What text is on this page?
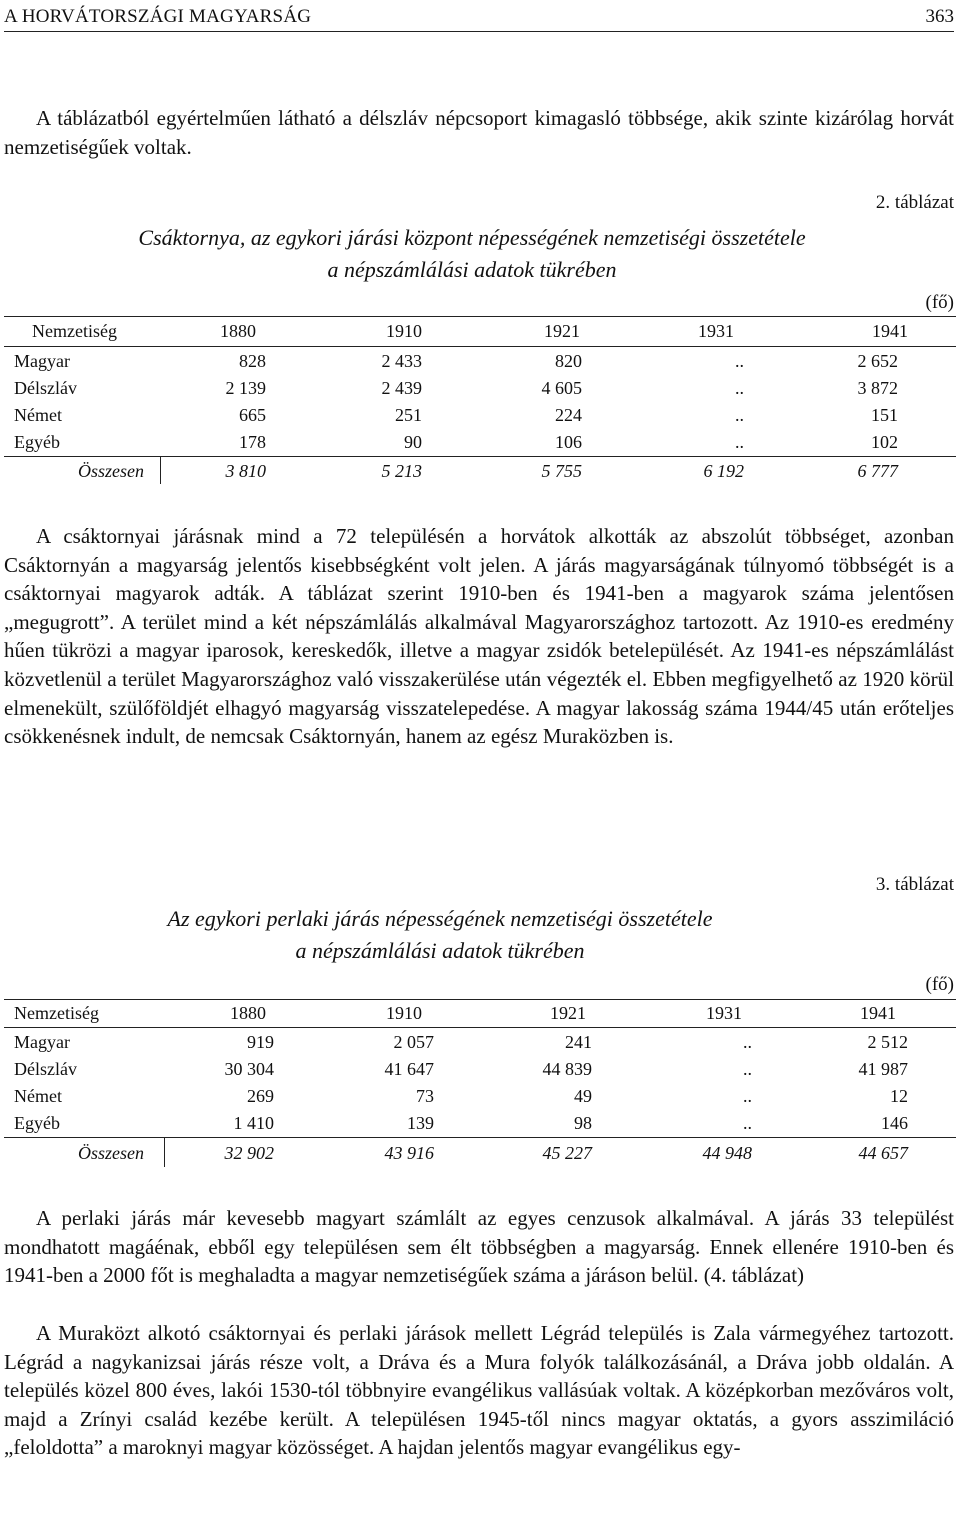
A HORVÁTORSZÁGI MAGYARSÁG	363

A táblázatból egyértelműen látható a délszláv népcsoport kimagasló többsége, akik szinte kizárólag horvát nemzetiségűek voltak.

2. táblázat
Csáktornya, az egykori járási központ népességének nemzetiségi összetétele
a népszámlálási adatok tükrében
(fő)
Nemzetiség	1880	1910	1921	1931	1941
Magyar	828	2 433	820	..	2 652
Délszláv	2 139	2 439	4 605	..	3 872
Német	665	251	224	..	151
Egyéb	178	90	106	..	102
Összesen	3 810	5 213	5 755	6 192	6 777

A csáktornyai járásnak mind a 72 településén a horvátok alkották az abszolút többséget, azonban Csáktornyán a magyarság jelentős kisebbségként volt jelen. A járás magyarságának túlnyomó többségét is a csáktornyai magyarok adták. A táblázat szerint 1910-ben és 1941-ben a magyarok száma jelentősen „megugrott”. A terület mind a két népszámlálás alkalmával Magyarországhoz tartozott. Az 1910-es eredmény hűen tükrözi a magyar iparosok, kereskedők, illetve a magyar zsidók betelepülését. Az 1941-es népszámlálást közvetlenül a terület Magyarországhoz való visszakerülése után végezték el. Ebben megfigyelhető az 1920 körül elmenekült, szülőföldjét elhagyó magyarság visszatelepedése. A magyar lakosság száma 1944/45 után erőteljes csökkenésnek indult, de nemcsak Csáktornyán, hanem az egész Muraközben is.

3. táblázat
Az egykori perlaki járás népességének nemzetiségi összetétele
a népszámlálási adatok tükrében
(fő)
Nemzetiség	1880	1910	1921	1931	1941
Magyar	919	2 057	241	..	2 512
Délszláv	30 304	41 647	44 839	..	41 987
Német	269	73	49	..	12
Egyéb	1 410	139	98	..	146
Összesen	32 902	43 916	45 227	44 948	44 657

A perlaki járás már kevesebb magyart számlált az egyes cenzusok alkalmával. A járás 33 települést mondhatott magáénak, ebből egy településen sem élt többségben a magyarság. Ennek ellenére 1910-ben és 1941-ben a 2000 főt is meghaladta a magyar nemzetiségűek száma a járáson belül. (4. táblázat)

A Muraközt alkotó csáktornyai és perlaki járások mellett Légrád település is Zala vármegyéhez tartozott. Légrád a nagykanizsai járás része volt, a Dráva és a Mura folyók találkozásánál, a Dráva jobb oldalán. A település közel 800 éves, lakói 1530-tól többnyire evangélikus vallásúak voltak. A középkorban mezőváros volt, majd a Zrínyi család kezébe került. A településen 1945-től nincs magyar oktatás, a gyors asszimiláció „feloldotta” a maroknyi magyar közösséget. A hajdan jelentős magyar evangélikus egy-
